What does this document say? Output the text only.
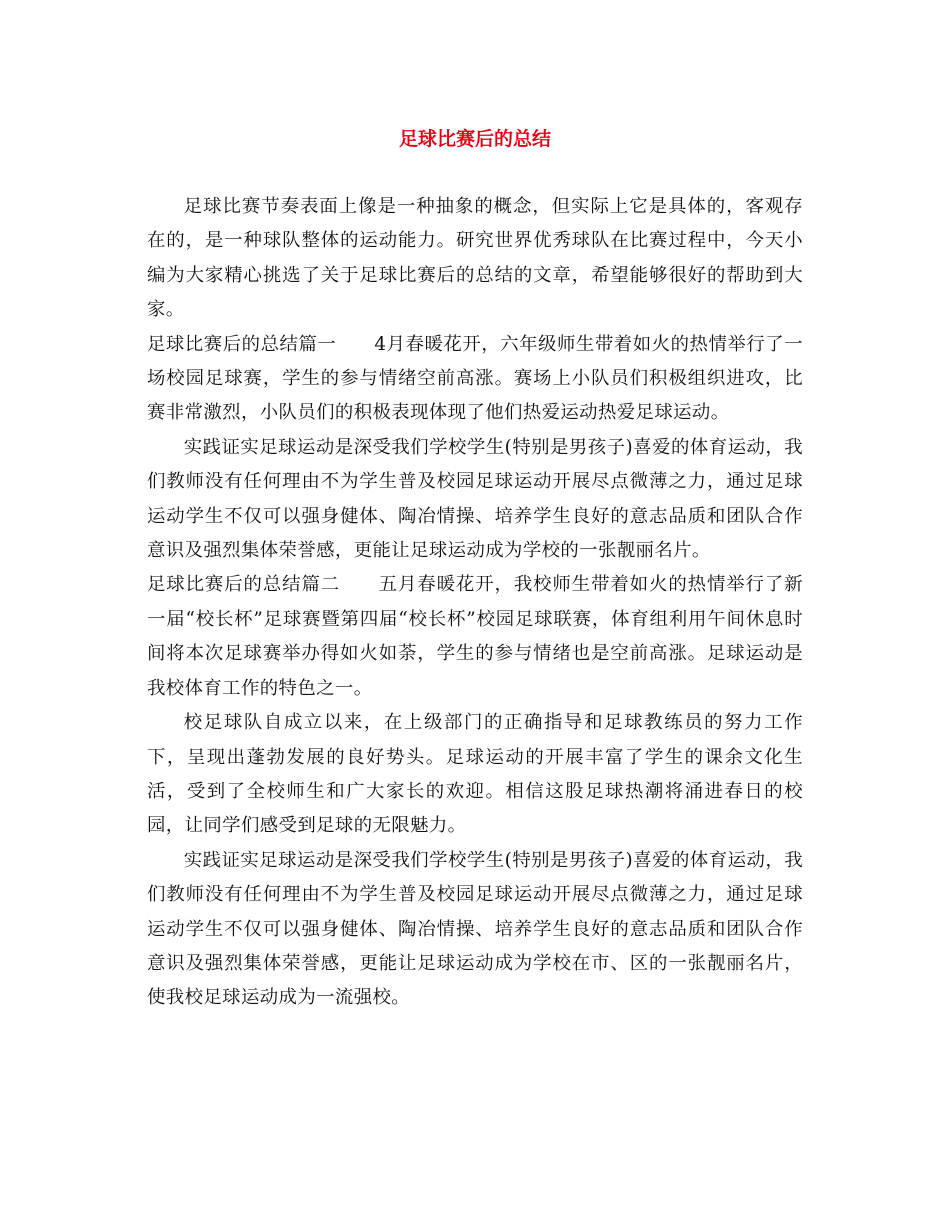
足球比赛后的总结

足球比赛节奏表面上像是一种抽象的概念，但实际上它是具体的，客观存在的，是一种球队整体的运动能力。研究世界优秀球队在比赛过程中，今天小编为大家精心挑选了关于足球比赛后的总结的文章，希望能够很好的帮助到大家。

足球比赛后的总结篇一 4月春暖花开，六年级师生带着如火的热情举行了一场校园足球赛，学生的参与情绪空前高涨。赛场上小队员们积极组织进攻，比赛非常激烈，小队员们的积极表现体现了他们热爱运动热爱足球运动。

实践证实足球运动是深受我们学校学生(特别是男孩子)喜爱的体育运动，我们教师没有任何理由不为学生普及校园足球运动开展尽点微薄之力，通过足球运动学生不仅可以强身健体、陶冶情操、培养学生良好的意志品质和团队合作意识及强烈集体荣誉感，更能让足球运动成为学校的一张靓丽名片。

足球比赛后的总结篇二 五月春暖花开，我校师生带着如火的热情举行了新一届“校长杯”足球赛暨第四届“校长杯”校园足球联赛，体育组利用午间休息时间将本次足球赛举办得如火如荼，学生的参与情绪也是空前高涨。足球运动是我校体育工作的特色之一。

校足球队自成立以来，在上级部门的正确指导和足球教练员的努力工作下，呈现出蓬勃发展的良好势头。足球运动的开展丰富了学生的课余文化生活，受到了全校师生和广大家长的欢迎。相信这股足球热潮将涌进春日的校园，让同学们感受到足球的无限魅力。

实践证实足球运动是深受我们学校学生(特别是男孩子)喜爱的体育运动，我们教师没有任何理由不为学生普及校园足球运动开展尽点微薄之力，通过足球运动学生不仅可以强身健体、陶冶情操、培养学生良好的意志品质和团队合作意识及强烈集体荣誉感，更能让足球运动成为学校在市、区的一张靓丽名片，使我校足球运动成为一流强校。
